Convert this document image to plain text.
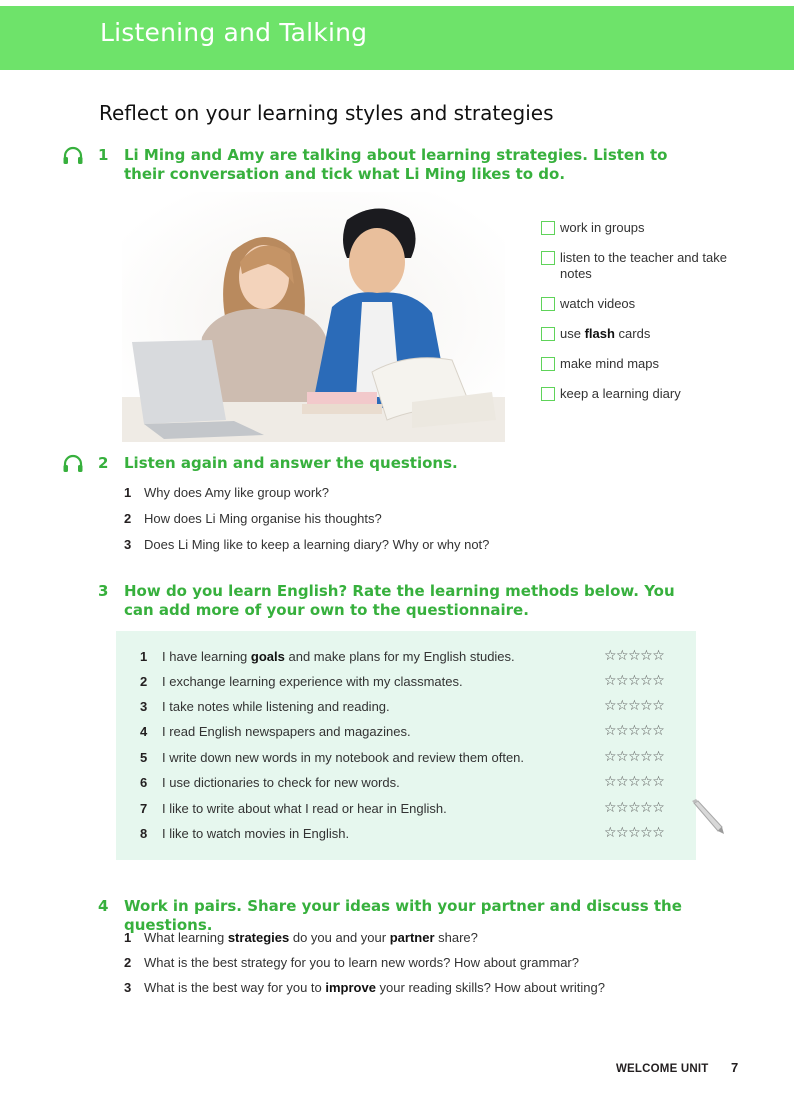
Listening and Talking
Reflect on your learning styles and strategies
1 Li Ming and Amy are talking about learning strategies. Listen to their conversation and tick what Li Ming likes to do.
work in groups
listen to the teacher and take notes
watch videos
use flash cards
make mind maps
keep a learning diary
2 Listen again and answer the questions.
1 Why does Amy like group work?
2 How does Li Ming organise his thoughts?
3 Does Li Ming like to keep a learning diary? Why or why not?
3 How do you learn English? Rate the learning methods below. You can add more of your own to the questionnaire.
1 I have learning goals and make plans for my English studies.	☆☆☆☆☆
2 I exchange learning experience with my classmates.	☆☆☆☆☆
3 I take notes while listening and reading.	☆☆☆☆☆
4 I read English newspapers and magazines.	☆☆☆☆☆
5 I write down new words in my notebook and review them often.	☆☆☆☆☆
6 I use dictionaries to check for new words.	☆☆☆☆☆
7 I like to write about what I read or hear in English.	☆☆☆☆☆
8 I like to watch movies in English.	☆☆☆☆☆
4 Work in pairs. Share your ideas with your partner and discuss the questions.
1 What learning strategies do you and your partner share?
2 What is the best strategy for you to learn new words? How about grammar?
3 What is the best way for you to improve your reading skills? How about writing?
WELCOME UNIT 7
